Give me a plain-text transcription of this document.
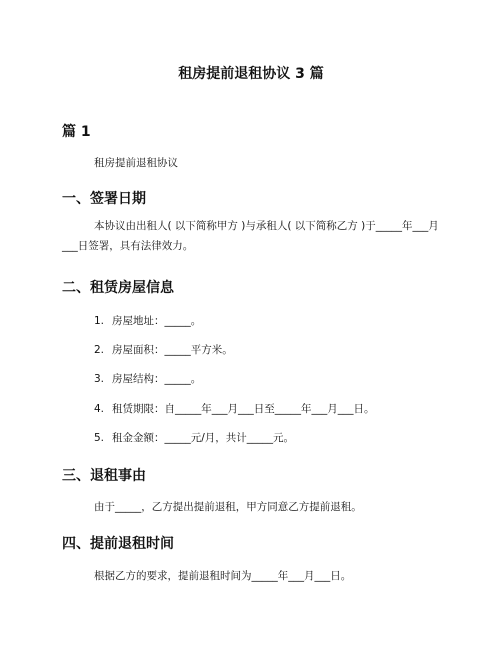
租房提前退租协议 3 篇
篇 1

租房提前退租协议

一、签署日期

本协议由出租人( 以下简称甲方 )与承租人( 以下简称乙方 )于_____年___月___日签署，具有法律效力。

二、租赁房屋信息

1. 房屋地址：_____。

2. 房屋面积：_____平方米。

3. 房屋结构：_____。

4. 租赁期限：自_____年___月___日至_____年___月___日。

5. 租金金额：_____元/月，共计_____元。

三、退租事由

由于_____，乙方提出提前退租，甲方同意乙方提前退租。

四、提前退租时间

根据乙方的要求，提前退租时间为_____年___月___日。
